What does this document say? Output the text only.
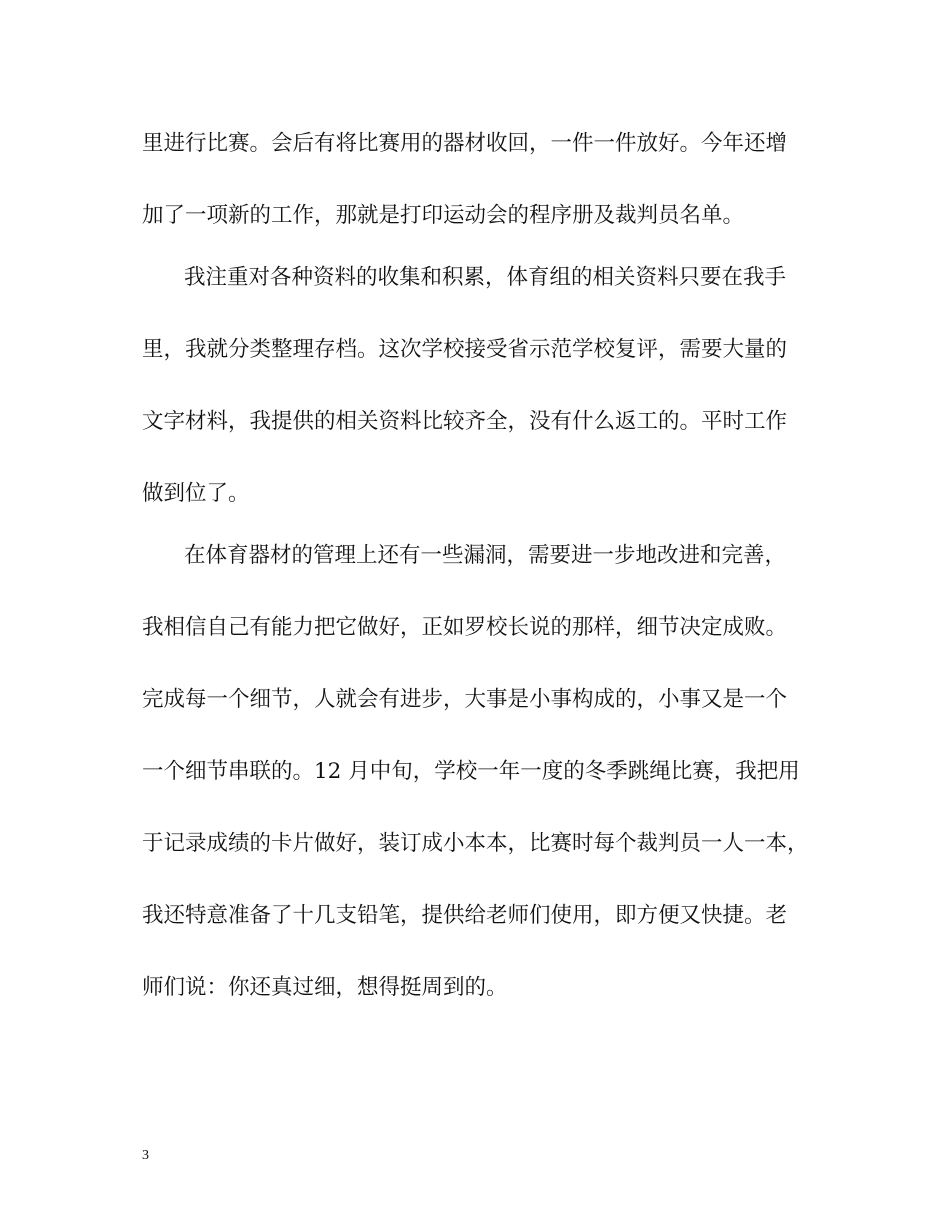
里进行比赛。会后有将比赛用的器材收回，一件一件放好。今年还增
加了一项新的工作，那就是打印运动会的程序册及裁判员名单。
我注重对各种资料的收集和积累，体育组的相关资料只要在我手
里，我就分类整理存档。这次学校接受省示范学校复评，需要大量的
文字材料，我提供的相关资料比较齐全，没有什么返工的。平时工作
做到位了。
在体育器材的管理上还有一些漏洞，需要进一步地改进和完善，
我相信自己有能力把它做好，正如罗校长说的那样，细节决定成败。
完成每一个细节，人就会有进步，大事是小事构成的，小事又是一个
一个细节串联的。12 月中旬，学校一年一度的冬季跳绳比赛，我把用
于记录成绩的卡片做好，装订成小本本，比赛时每个裁判员一人一本，
我还特意准备了十几支铅笔，提供给老师们使用，即方便又快捷。老
师们说：你还真过细，想得挺周到的。
3
